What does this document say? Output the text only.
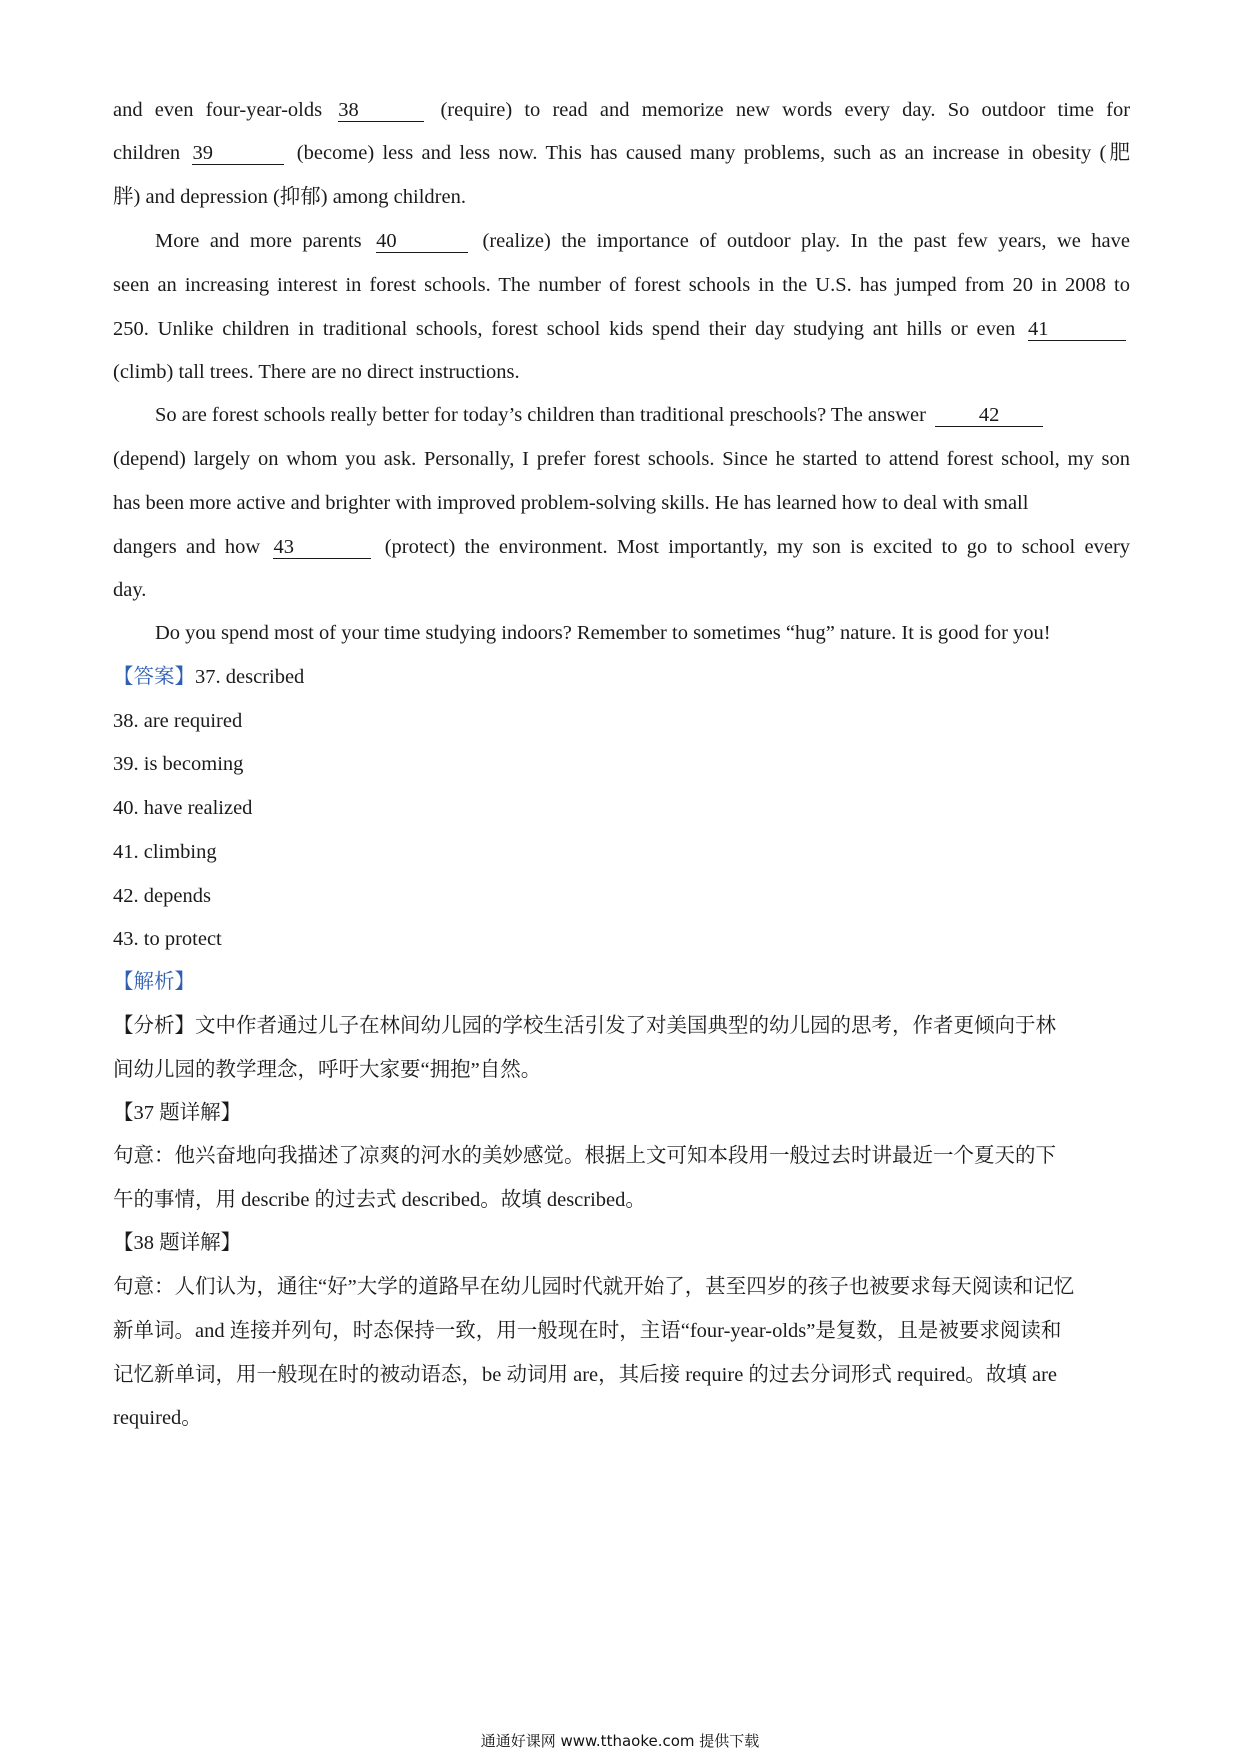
and even four-year-olds 38	(require) to read and memorize new words every day. So outdoor time for

children 39	(become) less and less now. This has caused many problems, such as an increase in obesity (肥

胖) and depression (抑郁) among children.

More and more parents 40	(realize) the importance of outdoor play. In the past few years, we have

seen an increasing interest in forest schools. The number of forest schools in the U.S. has jumped from 20 in 2008 to

250. Unlike children in traditional schools, forest school kids spend their day studying ant hills or even 41

(climb) tall trees. There are no direct instructions.

So are forest schools really better for today’s children than traditional preschools? The answer	42

(depend) largely on whom you ask. Personally, I prefer forest schools. Since he started to attend forest school, my son

has been more active and brighter with improved problem-solving skills. He has learned how to deal with small

dangers and how 43	(protect) the environment. Most importantly, my son is excited to go to school every

day.

Do you spend most of your time studying indoors? Remember to sometimes “hug” nature. It is good for you!

【答案】37. described

38. are required

39. is becoming

40. have realized

41. climbing

42. depends

43. to protect

【解析】

【分析】文中作者通过儿子在林间幼儿园的学校生活引发了对美国典型的幼儿园的思考，作者更倾向于林

间幼儿园的教学理念，呼吁大家要“拥抱”自然。

【37 题详解】

句意：他兴奋地向我描述了凉爽的河水的美妙感觉。根据上文可知本段用一般过去时讲最近一个夏天的下

午的事情，用 describe 的过去式 described。故填 described。

【38 题详解】

句意：人们认为，通往“好”大学的道路早在幼儿园时代就开始了，甚至四岁的孩子也被要求每天阅读和记忆

新单词。and 连接并列句，时态保持一致，用一般现在时，主语“four-year-olds”是复数，且是被要求阅读和

记忆新单词，用一般现在时的被动语态，be 动词用 are，其后接 require 的过去分词形式 required。故填 are

required。

通通好课网 www.tthaoke.com 提供下载
